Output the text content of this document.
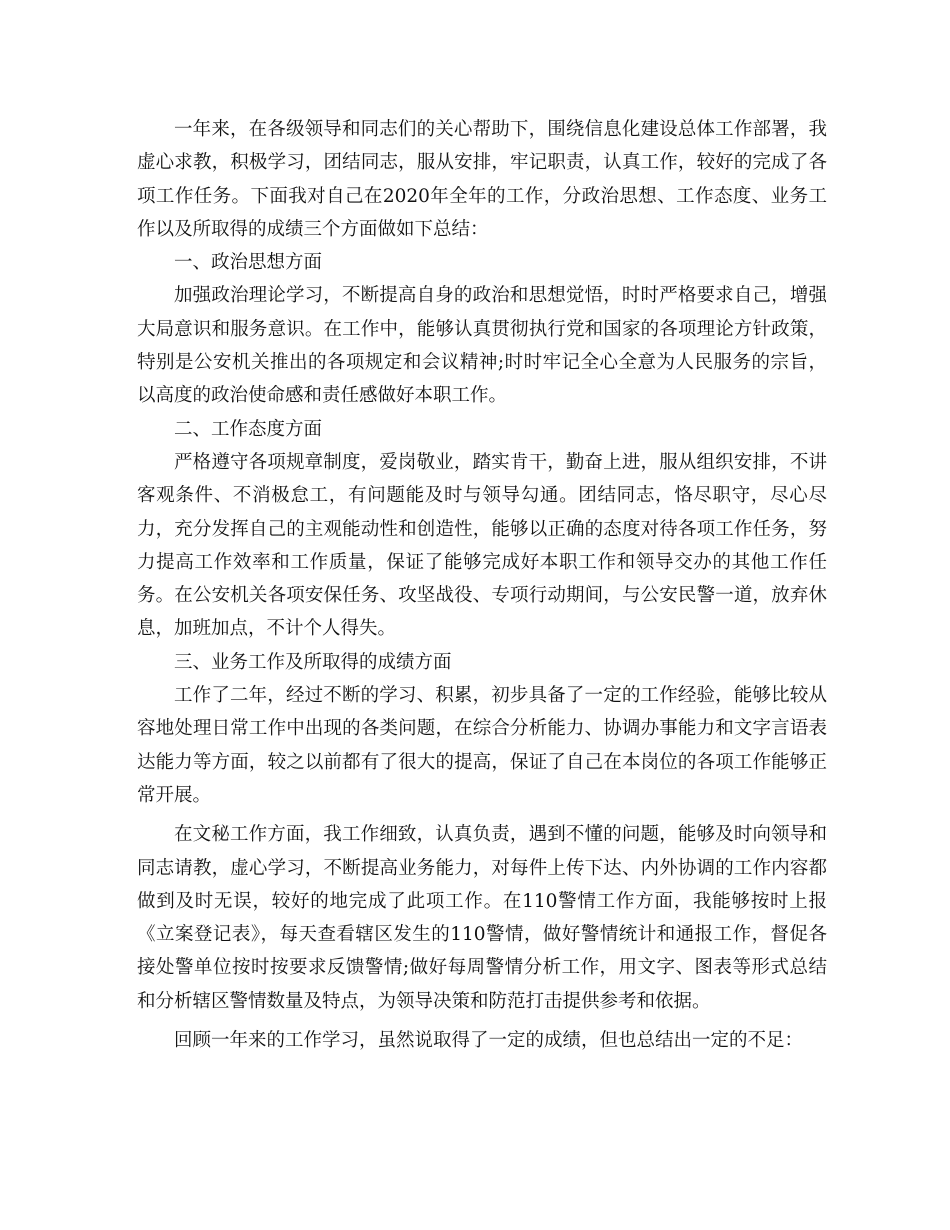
一年来，在各级领导和同志们的关心帮助下，围绕信息化建设总体工作部署，我虚心求教，积极学习，团结同志，服从安排，牢记职责，认真工作，较好的完成了各项工作任务。下面我对自己在2020年全年的工作，分政治思想、工作态度、业务工作以及所取得的成绩三个方面做如下总结：

一、政治思想方面

加强政治理论学习，不断提高自身的政治和思想觉悟，时时严格要求自己，增强大局意识和服务意识。在工作中，能够认真贯彻执行党和国家的各项理论方针政策，特别是公安机关推出的各项规定和会议精神;时时牢记全心全意为人民服务的宗旨，以高度的政治使命感和责任感做好本职工作。

二、工作态度方面

严格遵守各项规章制度，爱岗敬业，踏实肯干，勤奋上进，服从组织安排，不讲客观条件、不消极怠工，有问题能及时与领导勾通。团结同志，恪尽职守，尽心尽力，充分发挥自己的主观能动性和创造性，能够以正确的态度对待各项工作任务，努力提高工作效率和工作质量，保证了能够完成好本职工作和领导交办的其他工作任务。在公安机关各项安保任务、攻坚战役、专项行动期间，与公安民警一道，放弃休息，加班加点，不计个人得失。

三、业务工作及所取得的成绩方面

工作了二年，经过不断的学习、积累，初步具备了一定的工作经验，能够比较从容地处理日常工作中出现的各类问题，在综合分析能力、协调办事能力和文字言语表达能力等方面，较之以前都有了很大的提高，保证了自己在本岗位的各项工作能够正常开展。

在文秘工作方面，我工作细致，认真负责，遇到不懂的问题，能够及时向领导和同志请教，虚心学习，不断提高业务能力，对每件上传下达、内外协调的工作内容都做到及时无误，较好的地完成了此项工作。在110警情工作方面，我能够按时上报《立案登记表》，每天查看辖区发生的110警情，做好警情统计和通报工作，督促各接处警单位按时按要求反馈警情;做好每周警情分析工作，用文字、图表等形式总结和分析辖区警情数量及特点，为领导决策和防范打击提供参考和依据。

回顾一年来的工作学习，虽然说取得了一定的成绩，但也总结出一定的不足：
